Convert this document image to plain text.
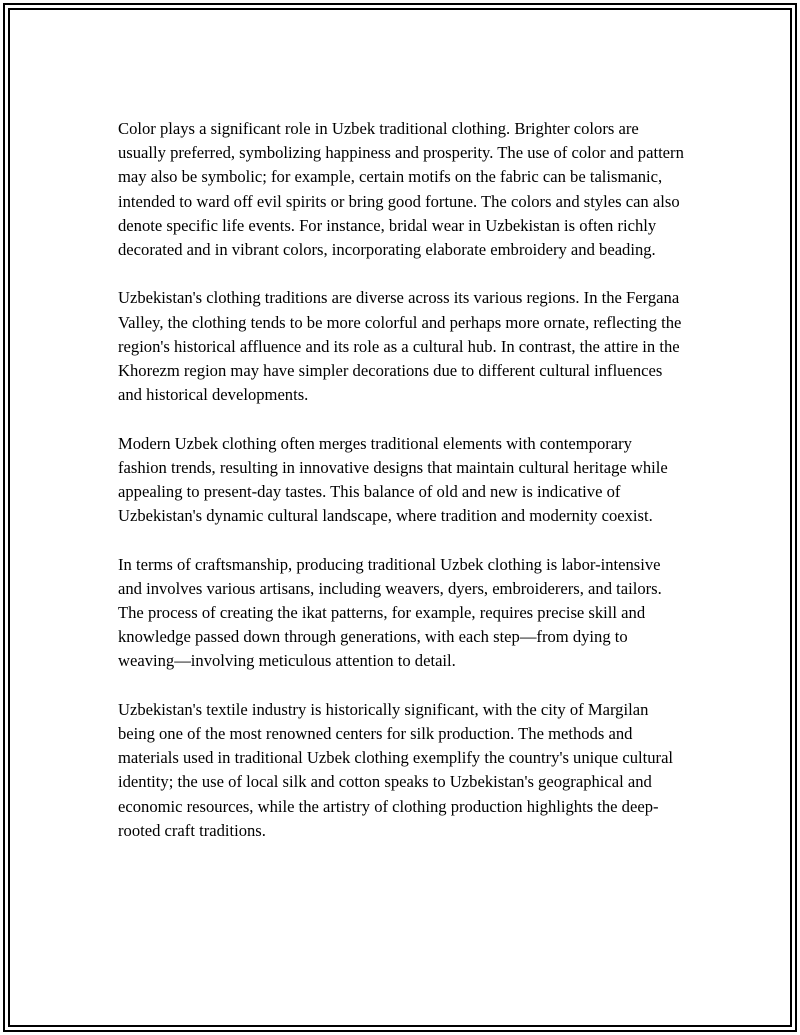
Color plays a significant role in Uzbek traditional clothing. Brighter colors are usually preferred, symbolizing happiness and prosperity. The use of color and pattern may also be symbolic; for example, certain motifs on the fabric can be talismanic, intended to ward off evil spirits or bring good fortune. The colors and styles can also denote specific life events. For instance, bridal wear in Uzbekistan is often richly decorated and in vibrant colors, incorporating elaborate embroidery and beading.

Uzbekistan's clothing traditions are diverse across its various regions. In the Fergana Valley, the clothing tends to be more colorful and perhaps more ornate, reflecting the region's historical affluence and its role as a cultural hub. In contrast, the attire in the Khorezm region may have simpler decorations due to different cultural influences and historical developments.

Modern Uzbek clothing often merges traditional elements with contemporary fashion trends, resulting in innovative designs that maintain cultural heritage while appealing to present-day tastes. This balance of old and new is indicative of Uzbekistan's dynamic cultural landscape, where tradition and modernity coexist.

In terms of craftsmanship, producing traditional Uzbek clothing is labor-intensive and involves various artisans, including weavers, dyers, embroiderers, and tailors. The process of creating the ikat patterns, for example, requires precise skill and knowledge passed down through generations, with each step—from dying to weaving—involving meticulous attention to detail.

Uzbekistan's textile industry is historically significant, with the city of Margilan being one of the most renowned centers for silk production. The methods and materials used in traditional Uzbek clothing exemplify the country's unique cultural identity; the use of local silk and cotton speaks to Uzbekistan's geographical and economic resources, while the artistry of clothing production highlights the deep-rooted craft traditions.
